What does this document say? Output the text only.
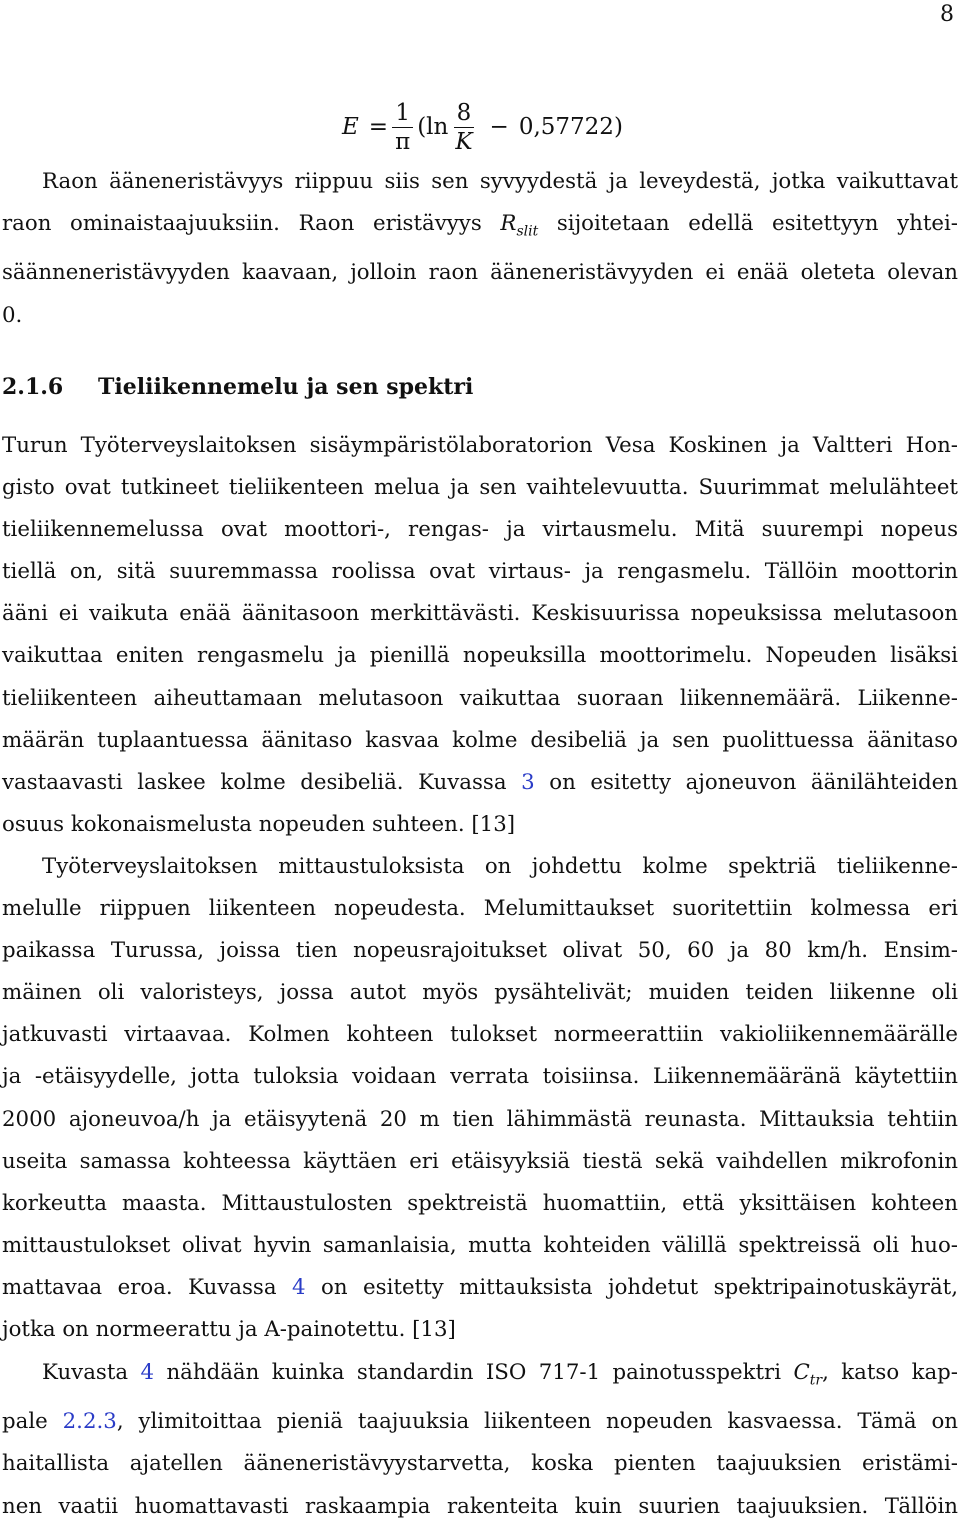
8
$E = \frac{1}{\pi} (\ln \frac{8}{K} - 0,57722)$
Raon ääneneristävyys riippuu siis sen syvyydestä ja leveydestä, jotka vaikuttavat
raon ominaistaajuuksiin. Raon eristävyys $R_{slit}$ sijoitetaan edellä esitettyyn yhtei-
säänneneristävyyden kaavaan, jolloin raon ääneneristävyyden ei enää oleteta olevan
0.
2.1.6 Tieliikennemelu ja sen spektri
Turun Työterveyslaitoksen sisäympäristölaboratorion Vesa Koskinen ja Valtteri Hon-
gisto ovat tutkineet tieliikenteen melua ja sen vaihtelevuutta. Suurimmat melulähteet
tieliikennemelussa ovat moottori-, rengas- ja virtausmelu. Mitä suurempi nopeus
tiellä on, sitä suuremmassa roolissa ovat virtaus- ja rengasmelu. Tällöin moottorin
ääni ei vaikuta enää äänitasoon merkittävästi. Keskisuurissa nopeuksissa melutasoon
vaikuttaa eniten rengasmelu ja pienillä nopeuksilla moottorimelu. Nopeuden lisäksi
tieliikenteen aiheuttamaan melutasoon vaikuttaa suoraan liikennemäärä. Liikenne-
määrän tuplaantuessa äänitaso kasvaa kolme desibeliä ja sen puolittuessa äänitaso
vastaavasti laskee kolme desibeliä. Kuvassa 3 on esitetty ajoneuvon äänilähteiden
osuus kokonaismelusta nopeuden suhteen. [13]
Työterveyslaitoksen mittaustuloksista on johdettu kolme spektriä tieliikenne-
melulle riippuen liikenteen nopeudesta. Melumittaukset suoritettiin kolmessa eri
paikassa Turussa, joissa tien nopeusrajoitukset olivat 50, 60 ja 80 km/h. Ensim-
mäinen oli valoristeys, jossa autot myös pysähtelivät; muiden teiden liikenne oli
jatkuvasti virtaavaa. Kolmen kohteen tulokset normeerattiin vakioliikennemäärälle
ja -etäisyydelle, jotta tuloksia voidaan verrata toisiinsa. Liikennemääränä käytettiin
2000 ajoneuvoa/h ja etäisyytenä 20 m tien lähimmästä reunasta. Mittauksia tehtiin
useita samassa kohteessa käyttäen eri etäisyyksiä tiestä sekä vaihdellen mikrofonin
korkeutta maasta. Mittaustulosten spektreistä huomattiin, että yksittäisen kohteen
mittaustulokset olivat hyvin samanlaisia, mutta kohteiden välillä spektreissä oli huo-
mattavaa eroa. Kuvassa 4 on esitetty mittauksista johdetut spektripainotuskäyrät,
jotka on normeerattu ja A-painotettu. [13]
Kuvasta 4 nähdään kuinka standardin ISO 717-1 painotusspektri $C_{tr}$, katso kap-
pale 2.2.3, ylimitoittaa pieniä taajuuksia liikenteen nopeuden kasvaessa. Tämä on
haitallista ajatellen ääneneristävyystarvetta, koska pienten taajuuksien eristämi-
nen vaatii huomattavasti raskaampia rakenteita kuin suurien taajuuksien. Tällöin
